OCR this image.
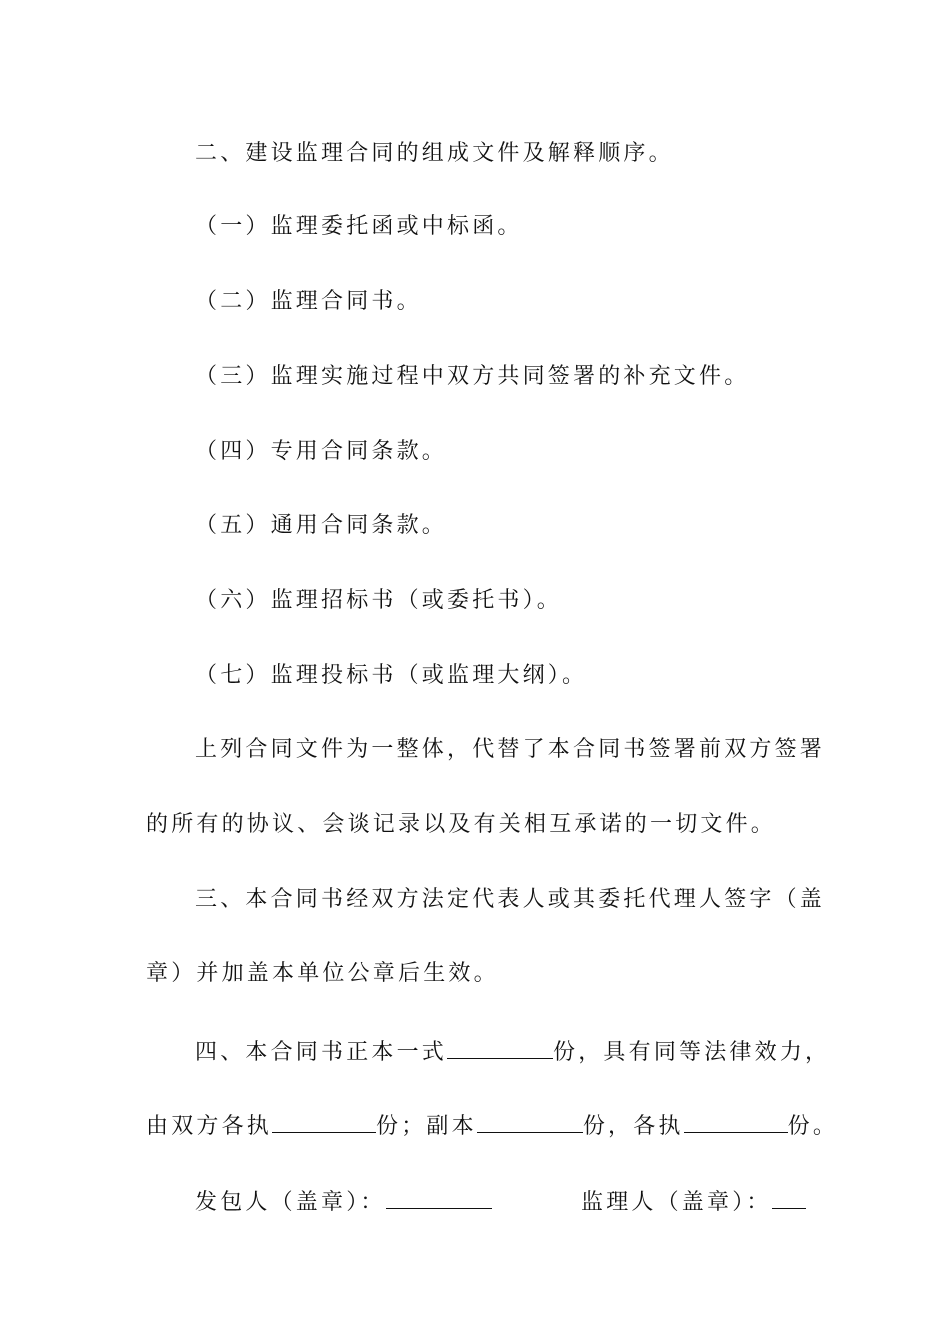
二、建设监理合同的组成文件及解释顺序。
（一）监理委托函或中标函。
（二）监理合同书。
（三）监理实施过程中双方共同签署的补充文件。
（四）专用合同条款。
（五）通用合同条款。
（六）监理招标书（或委托书）。
（七）监理投标书（或监理大纲）。
上列合同文件为一整体，代替了本合同书签署前双方签署
的所有的协议、会谈记录以及有关相互承诺的一切文件。
三、本合同书经双方法定代表人或其委托代理人签字（盖
章）并加盖本单位公章后生效。
四、本合同书正本一式	份，具有同等法律效力，
由双方各执	份；副本	份，各执	份。
发包人（盖章）：	监理人（盖章）：
